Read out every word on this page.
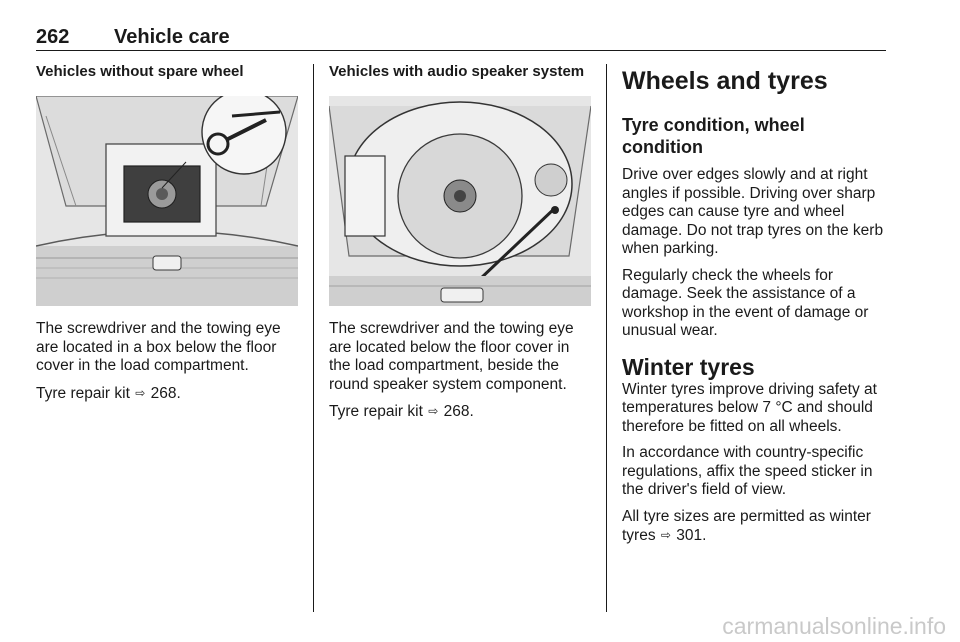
262 Vehicle care
Vehicles without spare wheel

The screwdriver and the towing eye are located in a box below the floor cover in the load compartment.

Tyre repair kit ⇨ 268.

Vehicles with audio speaker system

The screwdriver and the towing eye are located below the floor cover in the load compartment, beside the round speaker system component.

Tyre repair kit ⇨ 268.

Wheels and tyres
Tyre condition, wheel condition

Drive over edges slowly and at right angles if possible. Driving over sharp edges can cause tyre and wheel damage. Do not trap tyres on the kerb when parking.

Regularly check the wheels for damage. Seek the assistance of a workshop in the event of damage or unusual wear.

Winter tyres

Winter tyres improve driving safety at temperatures below 7 °C and should therefore be fitted on all wheels.

In accordance with country-specific regulations, affix the speed sticker in the driver's field of view.

All tyre sizes are permitted as winter tyres ⇨ 301.

carmanualsonline.info
